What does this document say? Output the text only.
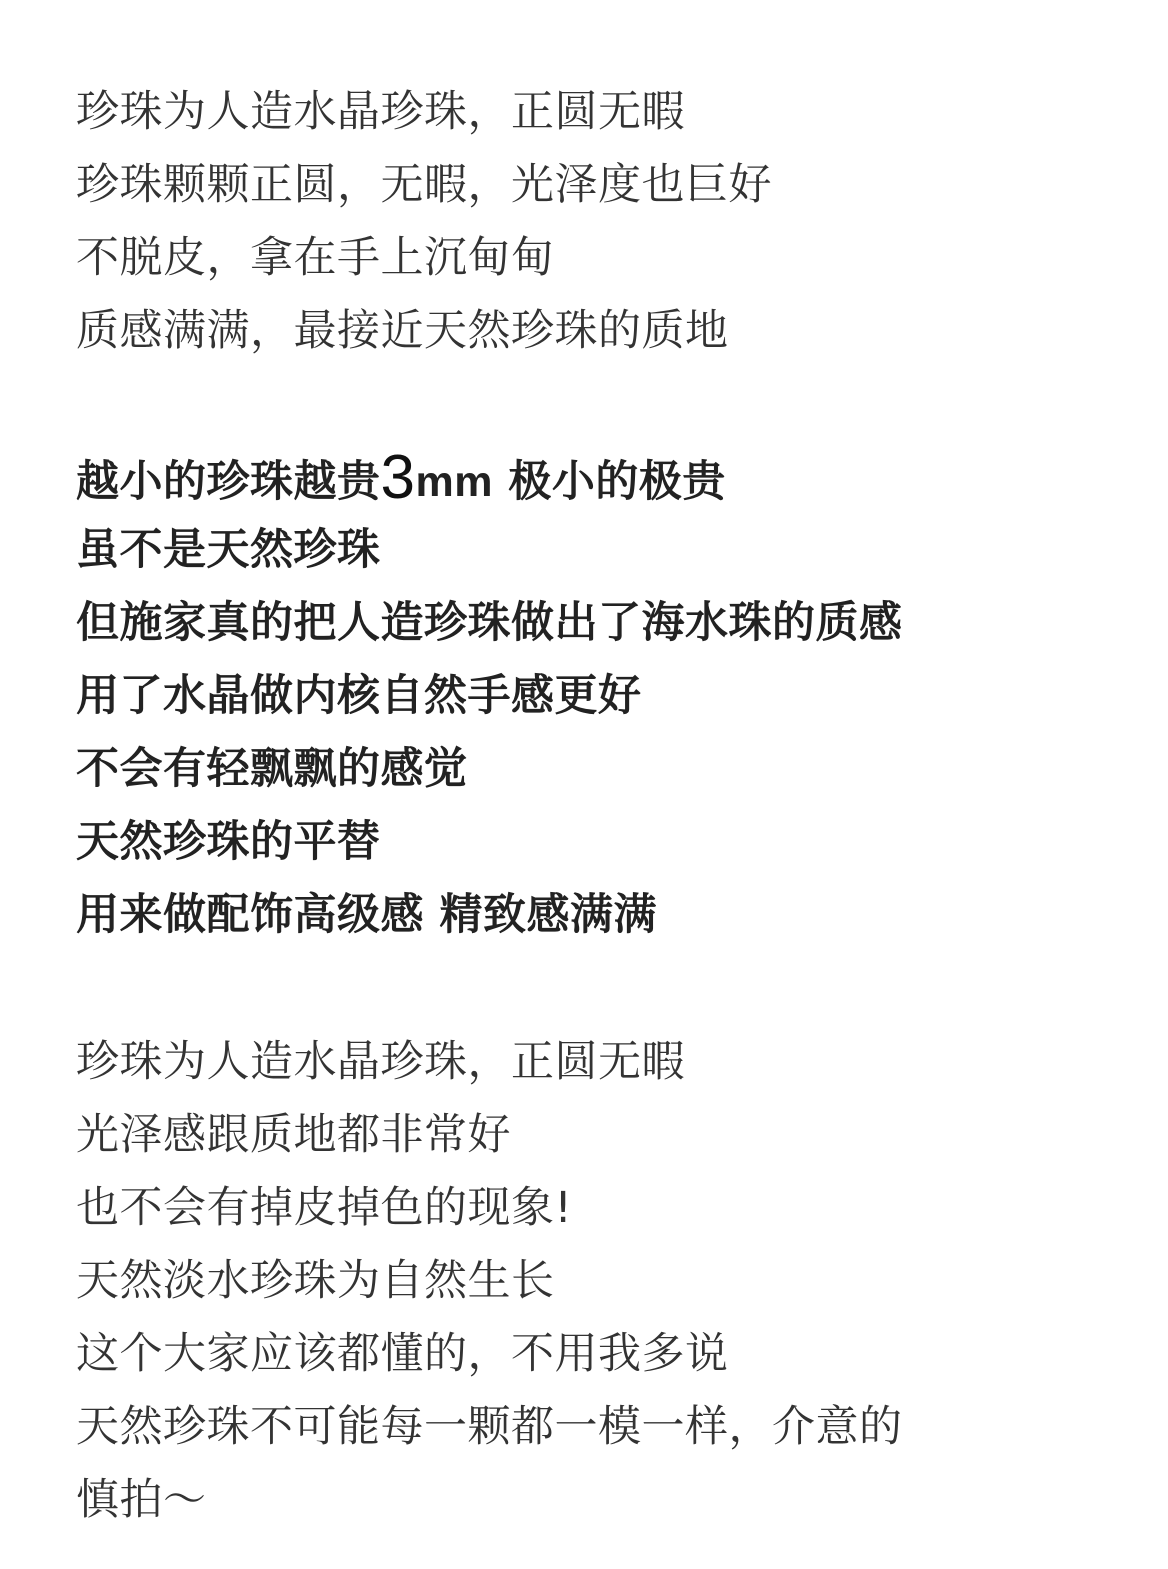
珍珠为人造水晶珍珠，正圆无暇
珍珠颗颗正圆，无暇，光泽度也巨好
不脱皮，拿在手上沉甸甸
质感满满，最接近天然珍珠的质地
越小的珍珠越贵3mm 极小的极贵
虽不是天然珍珠
但施家真的把人造珍珠做出了海水珠的质感
用了水晶做内核自然手感更好
不会有轻飘飘的感觉
天然珍珠的平替
用来做配饰高级感 精致感满满
珍珠为人造水晶珍珠，正圆无暇
光泽感跟质地都非常好
也不会有掉皮掉色的现象!
天然淡水珍珠为自然生长
这个大家应该都懂的，不用我多说
天然珍珠不可能每一颗都一模一样，介意的
慎拍～
